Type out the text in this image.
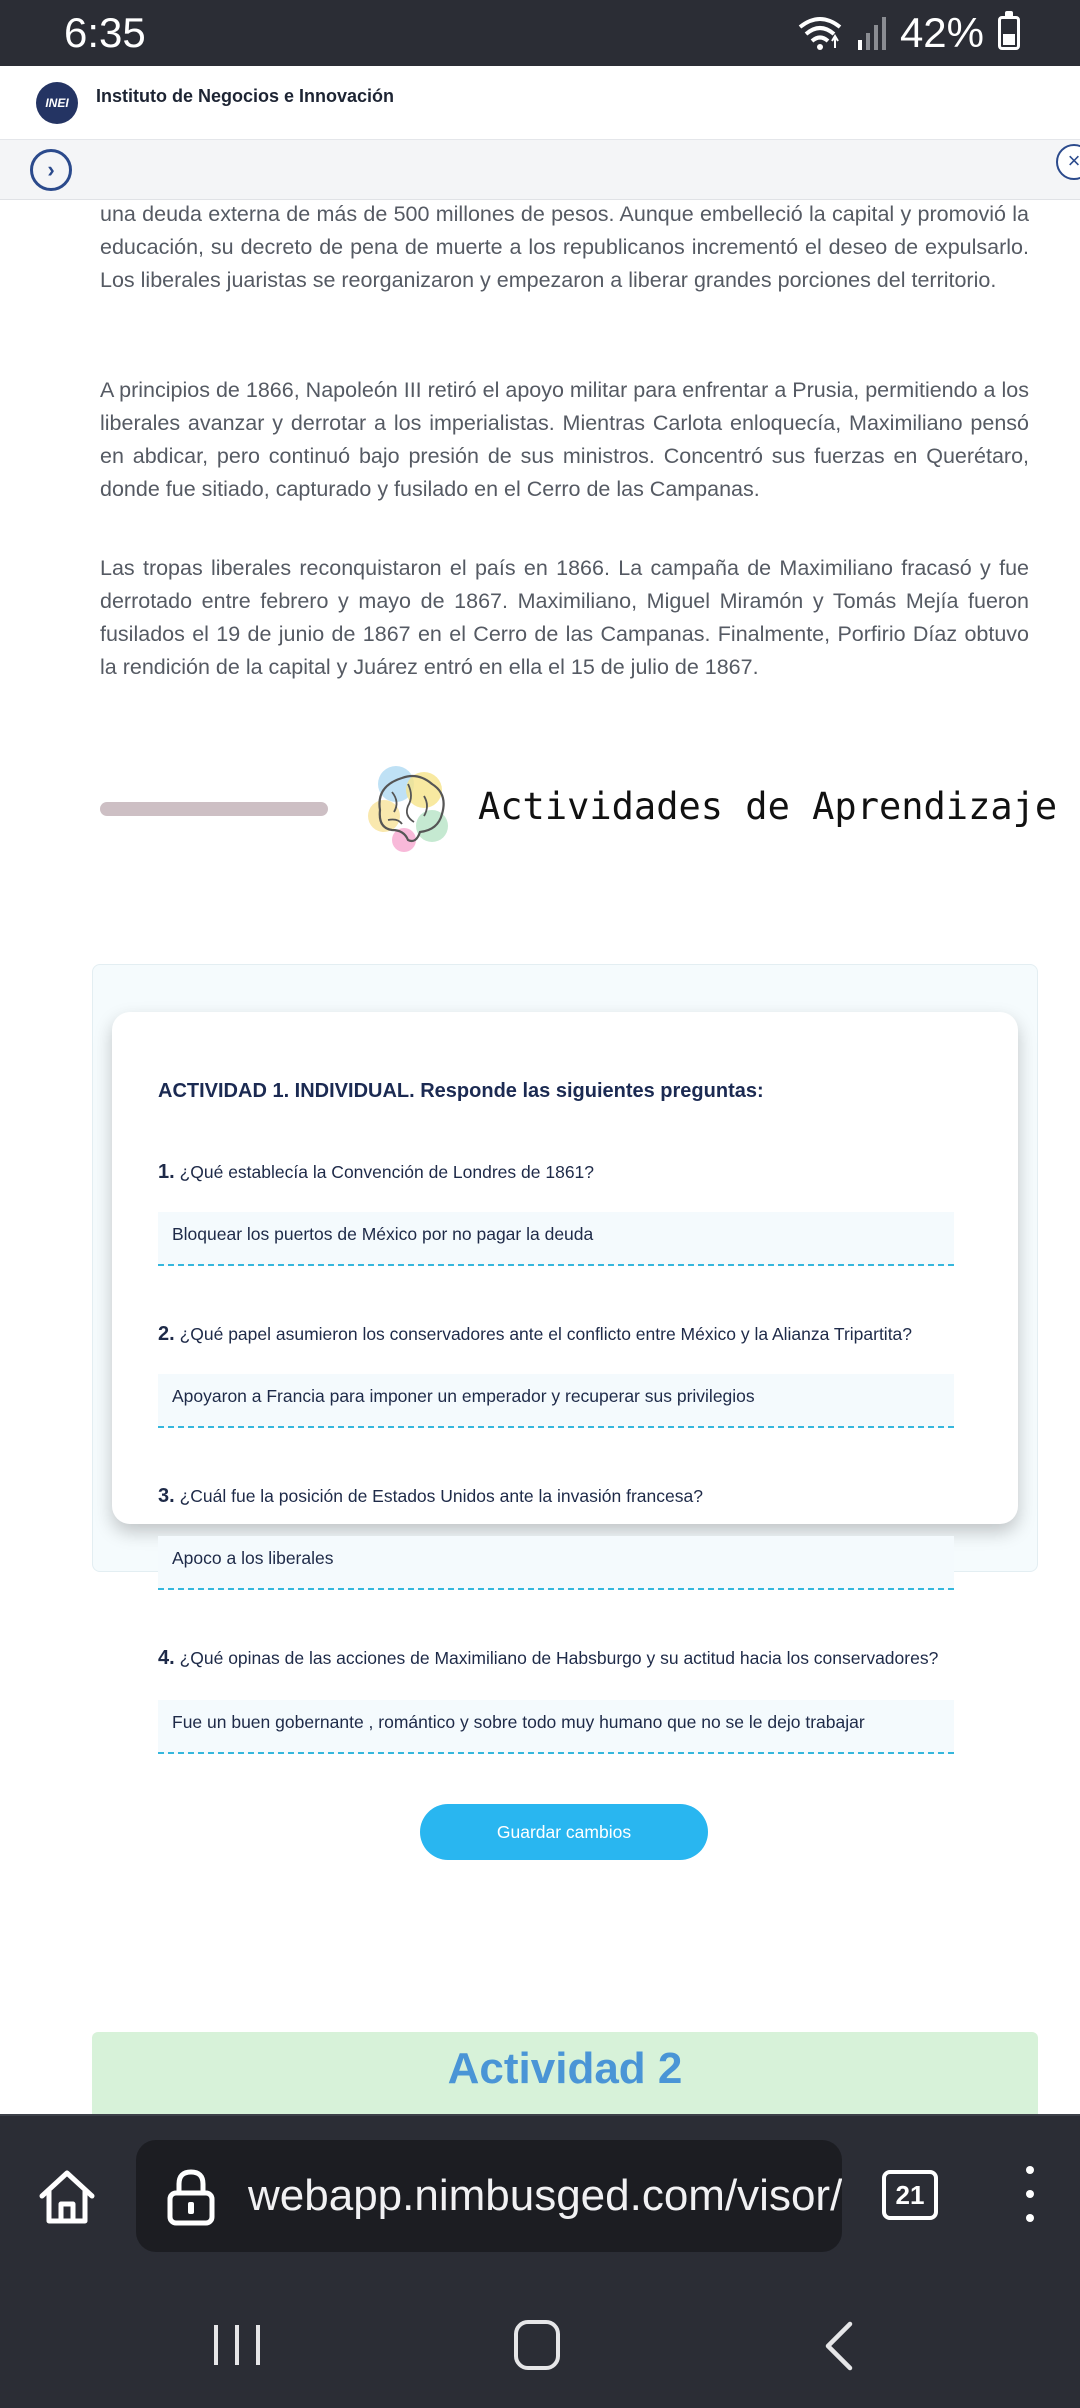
6:35	42%
INEI	Instituto de Negocios e Innovación
›	×

una deuda externa de más de 500 millones de pesos. Aunque embelleció la capital y promovió la educación, su decreto de pena de muerte a los republicanos incrementó el deseo de expulsarlo. Los liberales juaristas se reorganizaron y empezaron a liberar grandes porciones del territorio.

A principios de 1866, Napoleón III retiró el apoyo militar para enfrentar a Prusia, permitiendo a los liberales avanzar y derrotar a los imperialistas. Mientras Carlota enloquecía, Maximiliano pensó en abdicar, pero continuó bajo presión de sus ministros. Concentró sus fuerzas en Querétaro, donde fue sitiado, capturado y fusilado en el Cerro de las Campanas.

Las tropas liberales reconquistaron el país en 1866. La campaña de Maximiliano fracasó y fue derrotado entre febrero y mayo de 1867. Maximiliano, Miguel Miramón y Tomás Mejía fueron fusilados el 19 de junio de 1867 en el Cerro de las Campanas. Finalmente, Porfirio Díaz obtuvo la rendición de la capital y Juárez entró en ella el 15 de julio de 1867.

Actividades de Aprendizaje
ACTIVIDAD 1. INDIVIDUAL. Responde las siguientes preguntas:
1. ¿Qué establecía la Convención de Londres de 1861?
Bloquear los puertos de México por no pagar la deuda
2. ¿Qué papel asumieron los conservadores ante el conflicto entre México y la Alianza Tripartita?
Apoyaron a Francia para imponer un emperador y recuperar sus privilegios
3. ¿Cuál fue la posición de Estados Unidos ante la invasión francesa?
Apoco a los liberales
4. ¿Qué opinas de las acciones de Maximiliano de Habsburgo y su actitud hacia los conservadores?
Fue un buen gobernante , romántico y sobre todo muy humano que no se le dejo trabajar
Guardar cambios
Actividad 2
webapp.nimbusged.com/visor/	21
